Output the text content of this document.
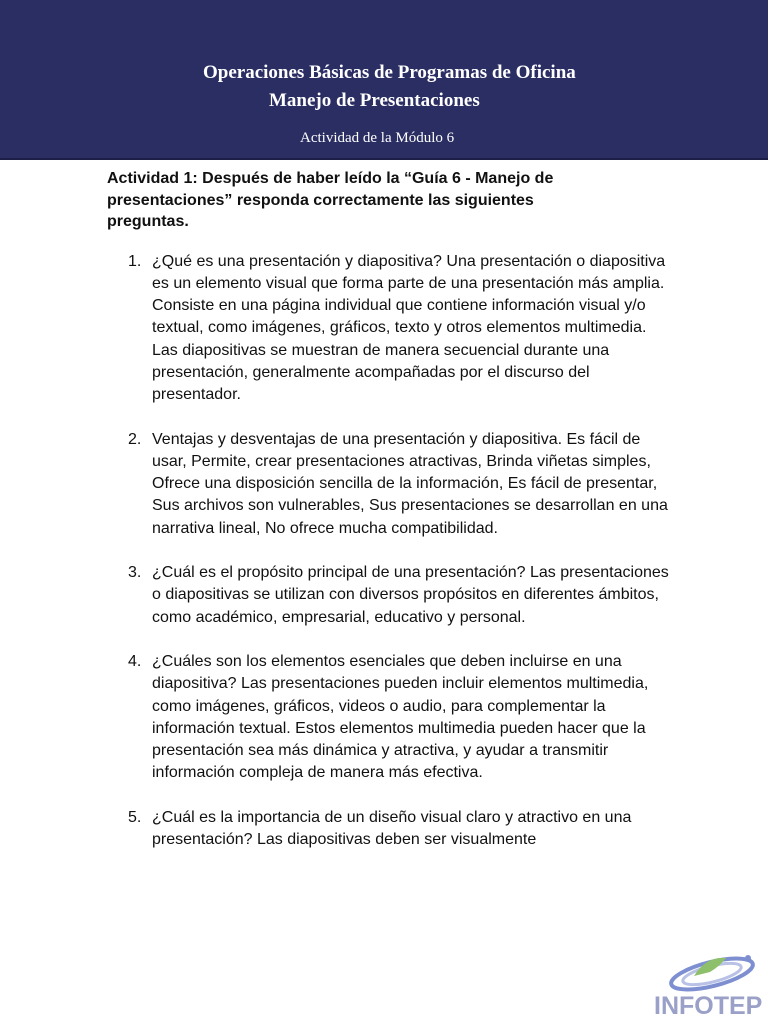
Operaciones Básicas de Programas de Oficina
Manejo de Presentaciones
Actividad de la Módulo 6

Actividad 1: Después de haber leído la “Guía 6 - Manejo de presentaciones” responda correctamente las siguientes preguntas.

1. ¿Qué es una presentación y diapositiva? Una presentación o diapositiva es un elemento visual que forma parte de una presentación más amplia. Consiste en una página individual que contiene información visual y/o textual, como imágenes, gráficos, texto y otros elementos multimedia. Las diapositivas se muestran de manera secuencial durante una presentación, generalmente acompañadas por el discurso del presentador.
2. Ventajas y desventajas de una presentación y diapositiva. Es fácil de usar, Permite, crear presentaciones atractivas, Brinda viñetas simples, Ofrece una disposición sencilla de la información, Es fácil de presentar, Sus archivos son vulnerables, Sus presentaciones se desarrollan en una narrativa lineal, No ofrece mucha compatibilidad.
3. ¿Cuál es el propósito principal de una presentación? Las presentaciones o diapositivas se utilizan con diversos propósitos en diferentes ámbitos, como académico, empresarial, educativo y personal.
4. ¿Cuáles son los elementos esenciales que deben incluirse en una diapositiva? Las presentaciones pueden incluir elementos multimedia, como imágenes, gráficos, videos o audio, para complementar la información textual. Estos elementos multimedia pueden hacer que la presentación sea más dinámica y atractiva, y ayudar a transmitir información compleja de manera más efectiva.
5. ¿Cuál es la importancia de un diseño visual claro y atractivo en una presentación? Las diapositivas deben ser visualmente
INFOTEP
